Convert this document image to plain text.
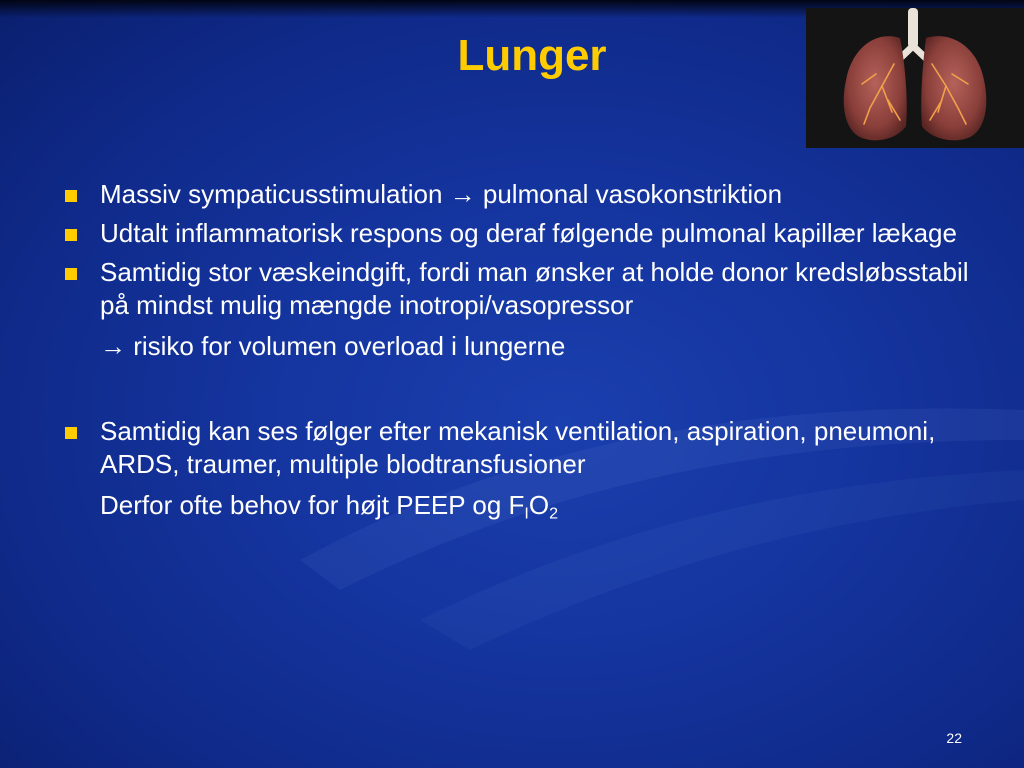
Lunger
Massiv sympaticusstimulation → pulmonal vasokonstriktion
Udtalt inflammatorisk respons og deraf følgende pulmonal kapillær lækage
Samtidig stor væskeindgift, fordi man ønsker at holde donor kredsløbsstabil på mindst mulig mængde inotropi/vasopressor
→ risiko for volumen overload i lungerne
Samtidig kan ses følger efter mekanisk ventilation, aspiration, pneumoni, ARDS, traumer, multiple blodtransfusioner
Derfor ofte behov for højt PEEP og $F_IO_2$
22
